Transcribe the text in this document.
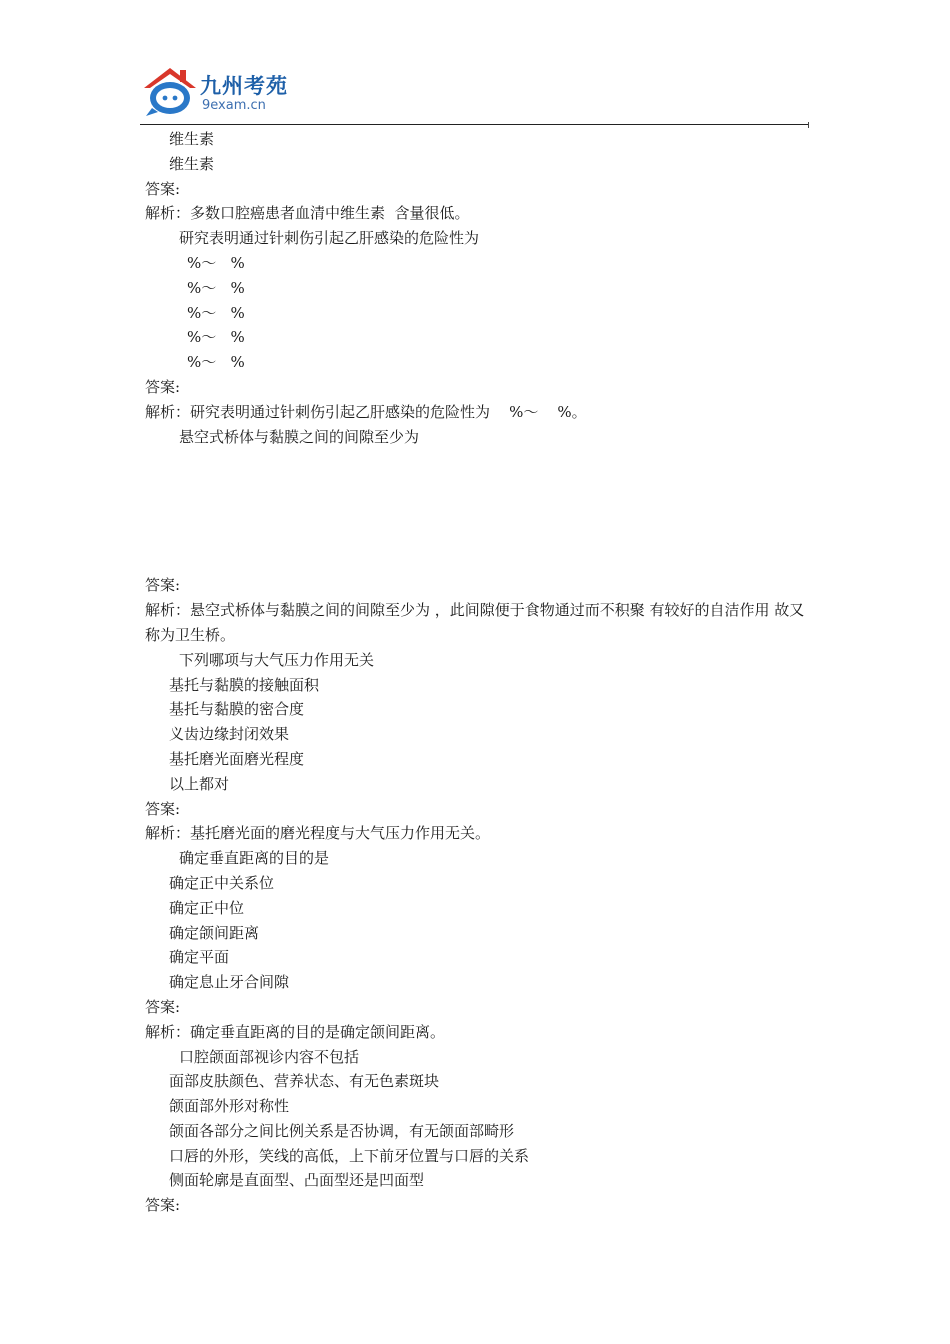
九州考苑
9exam.cn
维生素
维生素
答案:
解析：多数口腔癌患者血清中维生素  含量很低。
研究表明通过针刺伤引起乙肝感染的危险性为
%～   %
%～   %
%～   %
%～   %
%～   %
答案:
解析：研究表明通过针刺伤引起乙肝感染的危险性为    %～    %。
悬空式桥体与黏膜之间的间隙至少为
答案:
解析：悬空式桥体与黏膜之间的间隙至少为 ，此间隙便于食物通过而不积聚 有较好的自洁作用 故又称为卫生桥。
下列哪项与大气压力作用无关
基托与黏膜的接触面积
基托与黏膜的密合度
义齿边缘封闭效果
基托磨光面磨光程度
以上都对
答案:
解析：基托磨光面的磨光程度与大气压力作用无关。
确定垂直距离的目的是
确定正中关系位
确定正中位
确定颌间距离
确定平面
确定息止牙合间隙
答案:
解析：确定垂直距离的目的是确定颌间距离。
口腔颌面部视诊内容不包括
面部皮肤颜色、营养状态、有无色素斑块
颌面部外形对称性
颌面各部分之间比例关系是否协调，有无颌面部畸形
口唇的外形，笑线的高低，上下前牙位置与口唇的关系
侧面轮廓是直面型、凸面型还是凹面型
答案:
